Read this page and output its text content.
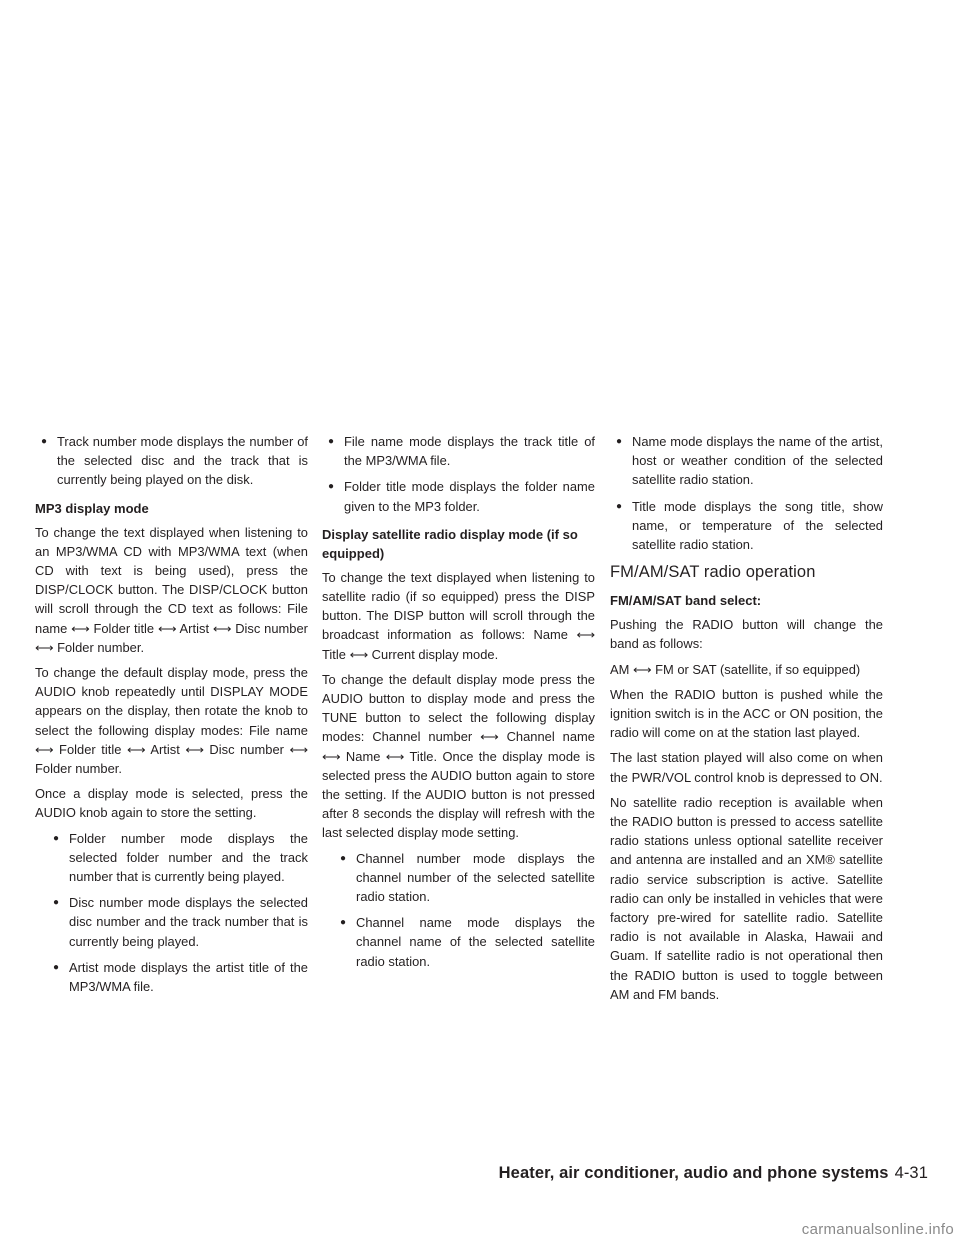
● Track number mode displays the number of the selected disc and the track that is currently being played on the disk.
MP3 display mode

To change the text displayed when listening to an MP3/WMA CD with MP3/WMA text (when CD with text is being used), press the DISP/CLOCK button. The DISP/CLOCK button will scroll through the CD text as follows: File name ⟷ Folder title ⟷ Artist ⟷ Disc number ⟷ Folder number.

To change the default display mode, press the AUDIO knob repeatedly until DISPLAY MODE appears on the display, then rotate the knob to select the following display modes: File name ⟷ Folder title ⟷ Artist ⟷ Disc number ⟷ Folder number.

Once a display mode is selected, press the AUDIO knob again to store the setting.

● Folder number mode displays the selected folder number and the track number that is currently being played.
● Disc number mode displays the selected disc number and the track number that is currently being played.
● Artist mode displays the artist title of the MP3/WMA file.
● File name mode displays the track title of the MP3/WMA file.
● Folder title mode displays the folder name given to the MP3 folder.
Display satellite radio display mode (if so equipped)

To change the text displayed when listening to satellite radio (if so equipped) press the DISP button. The DISP button will scroll through the broadcast information as follows: Name ⟷ Title ⟷ Current display mode.

To change the default display mode press the AUDIO button to display mode and press the TUNE button to select the following display modes: Channel number ⟷ Channel name ⟷ Name ⟷ Title. Once the display mode is selected press the AUDIO button again to store the setting. If the AUDIO button is not pressed after 8 seconds the display will refresh with the last selected display mode setting.

● Channel number mode displays the channel number of the selected satellite radio station.
● Channel name mode displays the channel name of the selected satellite radio station.
● Name mode displays the name of the artist, host or weather condition of the selected satellite radio station.
● Title mode displays the song title, show name, or temperature of the selected satellite radio station.
FM/AM/SAT radio operation
FM/AM/SAT band select:

Pushing the RADIO button will change the band as follows:

AM ⟷ FM or SAT (satellite, if so equipped)

When the RADIO button is pushed while the ignition switch is in the ACC or ON position, the radio will come on at the station last played.

The last station played will also come on when the PWR/VOL control knob is depressed to ON.

No satellite radio reception is available when the RADIO button is pressed to access satellite radio stations unless optional satellite receiver and antenna are installed and an XM® satellite radio service subscription is active. Satellite radio can only be installed in vehicles that were factory pre-wired for satellite radio. Satellite radio is not available in Alaska, Hawaii and Guam. If satellite radio is not operational then the RADIO button is used to toggle between AM and FM bands.

Heater, air conditioner, audio and phone systems 4-31
carmanualsonline.info
